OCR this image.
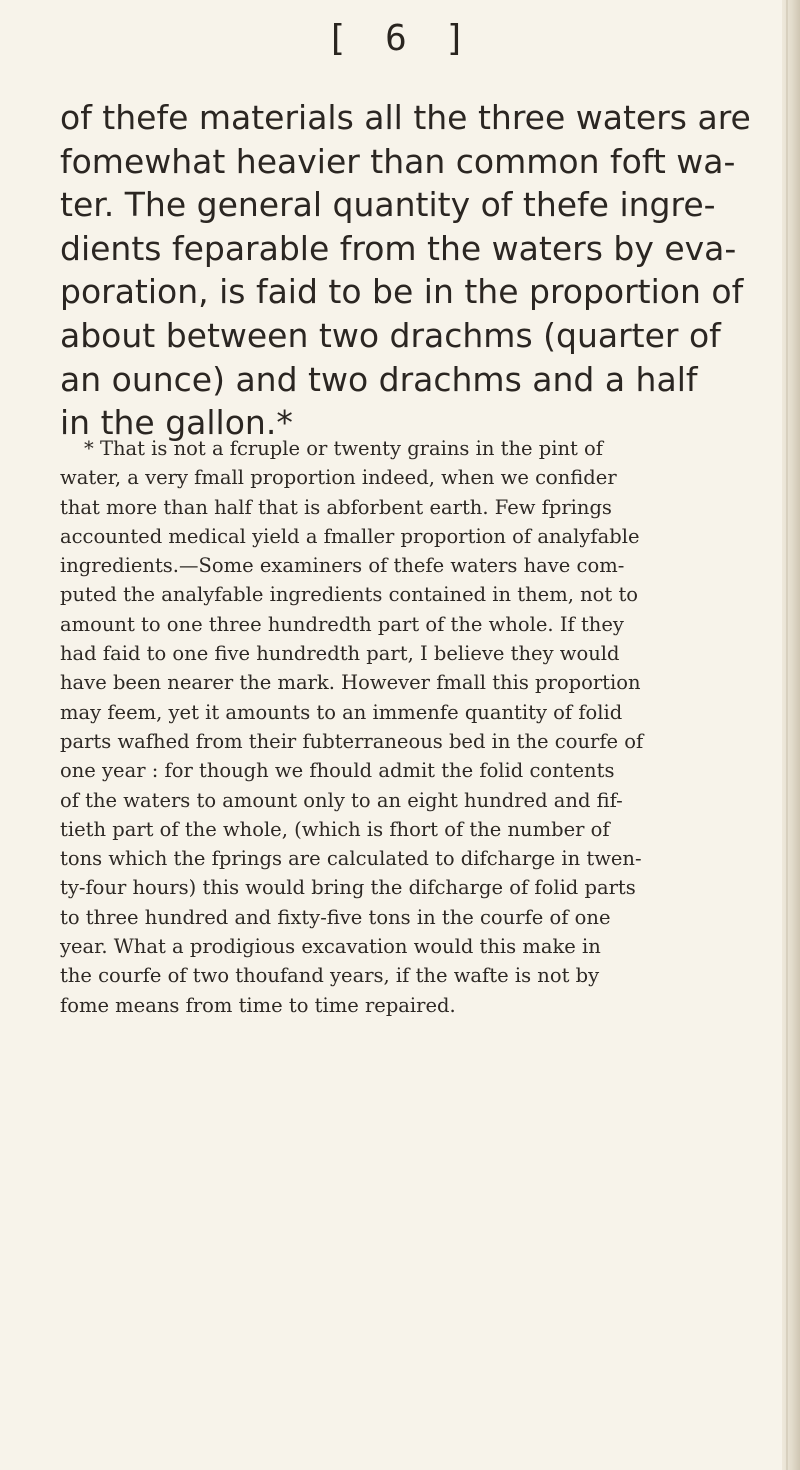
[ 6 ]

of thefe materials all the three waters are
fomewhat heavier than common foft wa-
ter. The general quantity of thefe ingre-
dients feparable from the waters by eva-
poration, is faid to be in the proportion of
about between two drachms (quarter of
an ounce) and two drachms and a half
in the gallon.*

* That is not a fcruple or twenty grains in the pint of
water, a very fmall proportion indeed, when we confider
that more than half that is abforbent earth. Few fprings
accounted medical yield a fmaller proportion of analyfable
ingredients.—Some examiners of thefe waters have com-
puted the analyfable ingredients contained in them, not to
amount to one three hundredth part of the whole. If they
had faid to one five hundredth part, I believe they would
have been nearer the mark. However fmall this proportion
may feem, yet it amounts to an immenfe quantity of folid
parts wafhed from their fubterraneous bed in the courfe of
one year : for though we fhould admit the folid contents
of the waters to amount only to an eight hundred and fif-
tieth part of the whole, (which is fhort of the number of
tons which the fprings are calculated to difcharge in twen-
ty-four hours) this would bring the difcharge of folid parts
to three hundred and fixty-five tons in the courfe of one
year. What a prodigious excavation would this make in
the courfe of two thoufand years, if the wafte is not by
fome means from time to time repaired.
